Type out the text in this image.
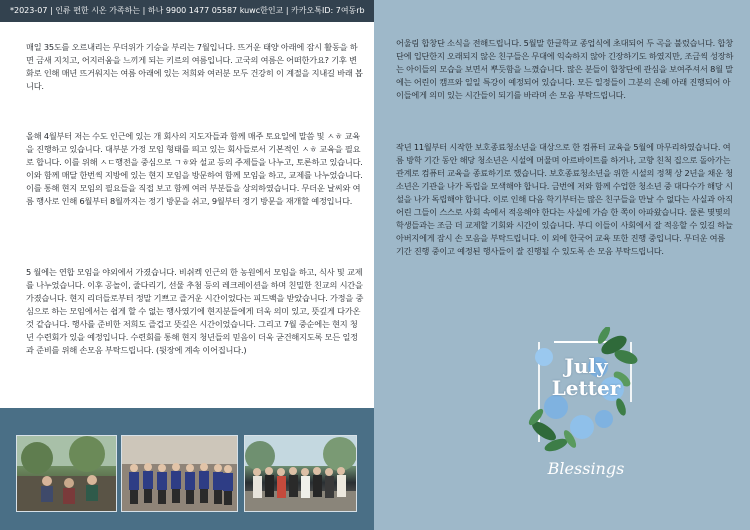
*2023-07 | 인류 편한 시온 가족하는 | 하나 9900 1477 05587 kuwc한인교 | 카카오톡ID: 7여동rb

매일 35도를 오르내리는 무더위가 기승을 부리는 7월입니다. 뜨거운 태양 아래에 잠시 활동을 하면 금새 지치고, 어지러움을 느끼게 되는 키르의 여름입니다. 고국의 여름은 어떠한가요? 기후 변화로 인해 매년 뜨거워지는 여름 아래에 있는 저희와 여러분 모두 건강히 이 계절을 지내길 바래 봅니다.

올해 4월부터 저는 수도 인근에 있는 개 회사의 지도자들과 함께 매주 토요일에 말씀 및 ㅅㅎ 교육을 진행하고 있습니다. 대부분 가정 모임 형태를 띄고 있는 회사들로서 기본적인 ㅅㅎ 교육을 필요로 합니다. 이를 위해 ㅅㄷ행전을 중심으로 ㄱㅎ와 설교 등의 주제들을 나누고, 토론하고 있습니다. 이와 함께 매달 한번씩 지방에 있는 현지 모임을 방문하여 함께 모임을 하고, 교제를 나누었습니다. 이를 통해 현지 모임의 필요들을 직접 보고 함께 여러 부분들을 상의하였습니다. 무더운 날씨와 여름 행사로 인해 6월부터 8월까지는 정기 방문을 쉬고, 9월부터 정기 방문을 재개할 예정입니다.

5 월에는 연합 모임을 야외에서 가졌습니다. 비쉬켁 인근의 한 농원에서 모임을 하고, 식사 및 교제를 나누었습니다. 이후 공놀이, 줄다리기, 선물 추첨 등의 레크레이션을 하며 친밀한 친교의 시간을 가졌습니다. 현지 리더들로부터 정말 기쁘고 즐거운 시간이었다는 피드백을 받았습니다. 가정을 중심으로 하는 모임에서는 쉽게 할 수 없는 행사였기에 현지분들에게 더욱 의미 있고, 뜻깊게 다가온 것 같습니다. 행사를 준비한 저희도 즐겁고 뜻깊은 시간이었습니다. 그리고 7월 중순에는 현지 청년 수련회가 있을 예정입니다. 수련회를 통해 현지 청년들의 믿음이 더욱 굳건해지도록 모든 일정과 준비를 위해 손모음 부탁드립니다. (뒷장에 계속 이어집니다.)

어울림 합창단 소식을 전해드립니다. 5월말 한글학교 종업식에 초대되어 두 곡을 불렀습니다. 합창단에 입단한지 오래되지 않은 친구들은 무대에 익숙하지 않아 긴장하기도 하였지만, 조금씩 성장하는 아이들의 모습을 보면서 뿌듯함을 느꼈습니다. 많은 분들이 합창단에 관심을 보여주셔서 8월 말에는 어린이 캠프와 일일 특강이 예정되어 있습니다. 모든 일정들이 그분의 은혜 아래 진행되어 아이들에게 의미 있는 시간들이 되기를 바라며 손 모음 부탁드립니다.

작년 11월부터 시작한 보호종료청소년을 대상으로 한 컴퓨터 교육을 5월에 마무리하였습니다. 여름 방학 기간 동안 해당 청소년은 시설에 머물며 아르바이트를 하거나, 고향 친척 집으로 돌아가는 관계로 컴퓨터 교육을 종료하기로 했습니다. 보호종료청소년을 위한 시설의 정책 상 2년을 채운 청소년은 기관을 나가 독립을 모색해야 합니다. 금번에 저와 함께 수업한 청소년 중 대다수가 해당 시설을 나가 독립해야 합니다. 이로 인해 다음 학기부터는 많은 친구들을 만날 수 없다는 사실과 아직 어린 그들이 스스로 사회 속에서 적응해야 한다는 사실에 가슴 한 쪽이 아파왔습니다. 물론 몇몇의 학생들과는 조금 더 교제할 기회와 시간이 있습니다. 부디 이들이 사회에서 잘 적응할 수 있길 하늘 아버지에게 잠시 손 모음을 부탁드립니다. 이 외에 한국어 교육 또한 진행 중입니다. 무더운 여름 기간 진행 중이고 예정된 행사들이 잘 진행될 수 있도록 손 모음 부탁드립니다.

July
Letter
Blessings
